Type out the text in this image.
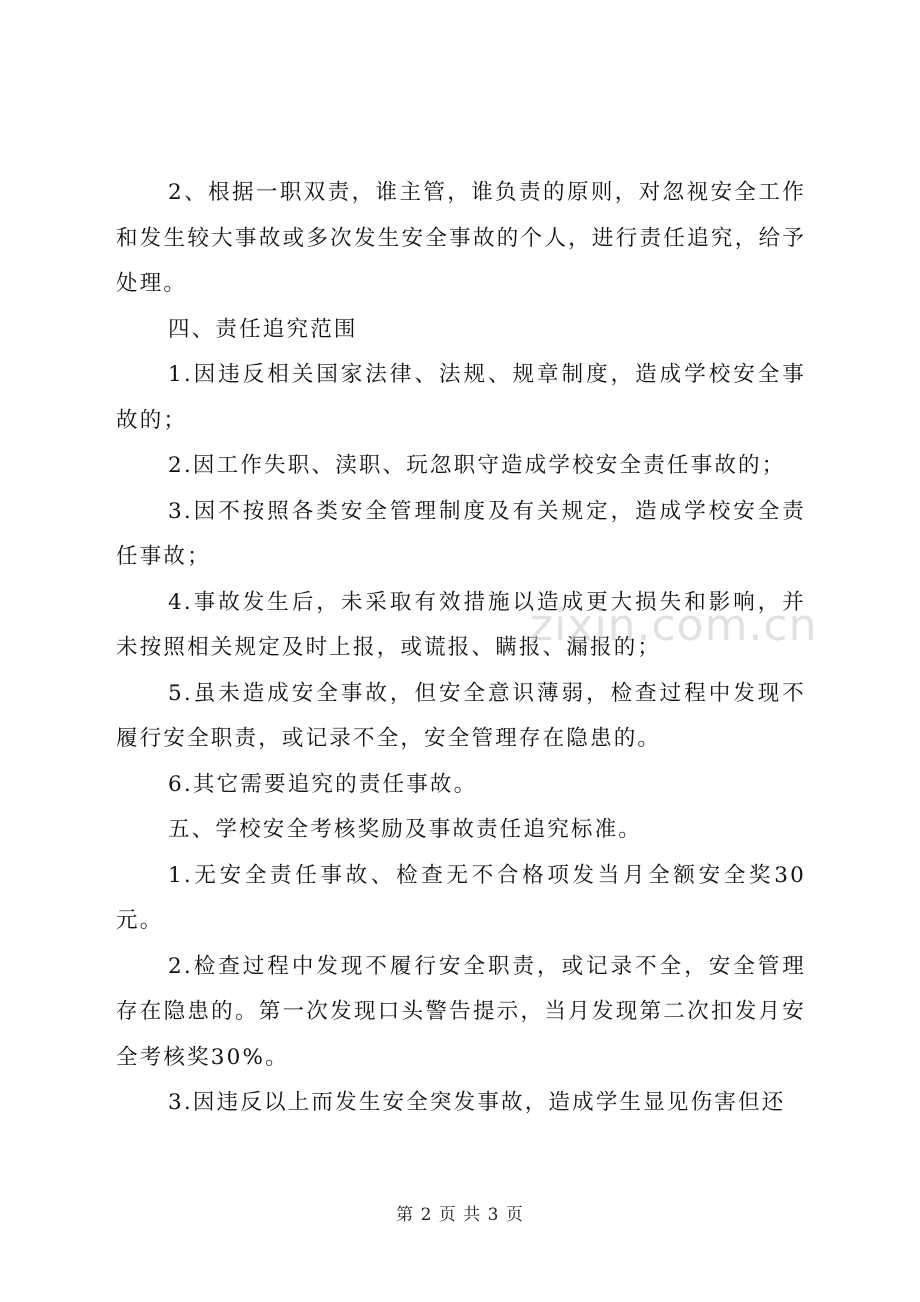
2、根据一职双责，谁主管，谁负责的原则，对忽视安全工作和发生较大事故或多次发生安全事故的个人，进行责任追究，给予处理。

四、责任追究范围

1.因违反相关国家法律、法规、规章制度，造成学校安全事故的；

2.因工作失职、渎职、玩忽职守造成学校安全责任事故的；

3.因不按照各类安全管理制度及有关规定，造成学校安全责任事故；

4.事故发生后，未采取有效措施以造成更大损失和影响，并未按照相关规定及时上报，或谎报、瞒报、漏报的；

5.虽未造成安全事故，但安全意识薄弱，检查过程中发现不履行安全职责，或记录不全，安全管理存在隐患的。

6.其它需要追究的责任事故。

五、学校安全考核奖励及事故责任追究标准。

1.无安全责任事故、检查无不合格项发当月全额安全奖30元。

2.检查过程中发现不履行安全职责，或记录不全，安全管理存在隐患的。第一次发现口头警告提示，当月发现第二次扣发月安全考核奖30%。

3.因违反以上而发生安全突发事故，造成学生显见伤害但还

zixin.com.cn
第 2 页 共 3 页
